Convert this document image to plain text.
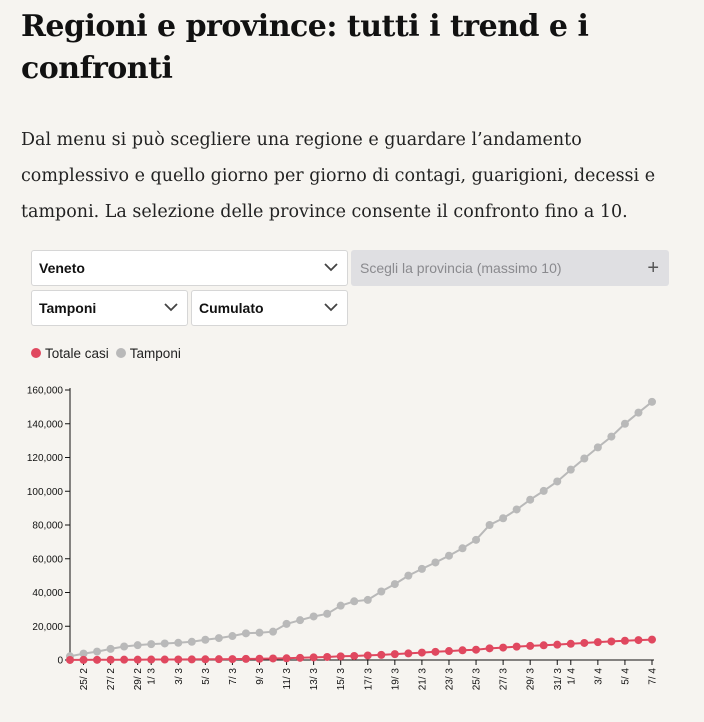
Regioni e province: tutti i trend e i confronti

Dal menu si può scegliere una regione e guardare l’andamento complessivo e quello giorno per giorno di contagi, guarigioni, decessi e tamponi. La selezione delle province consente il confronto fino a 10.

Veneto	Scegli la provincia (massimo 10)	+
Tamponi	Cumulato
Totale casi Tamponi
0
20,000
40,000
60,000
80,000
100,000
120,000
140,000
160,000
25/ 2 27/ 2 29/ 2 1/ 3 3/ 3 5/ 3 7/ 3 9/ 3 11/ 3 13/ 3 15/ 3 17/ 3 19/ 3 21/ 3 23/ 3 25/ 3 27/ 3 29/ 3 31/ 3 1/ 4 3/ 4 5/ 4 7/ 4
